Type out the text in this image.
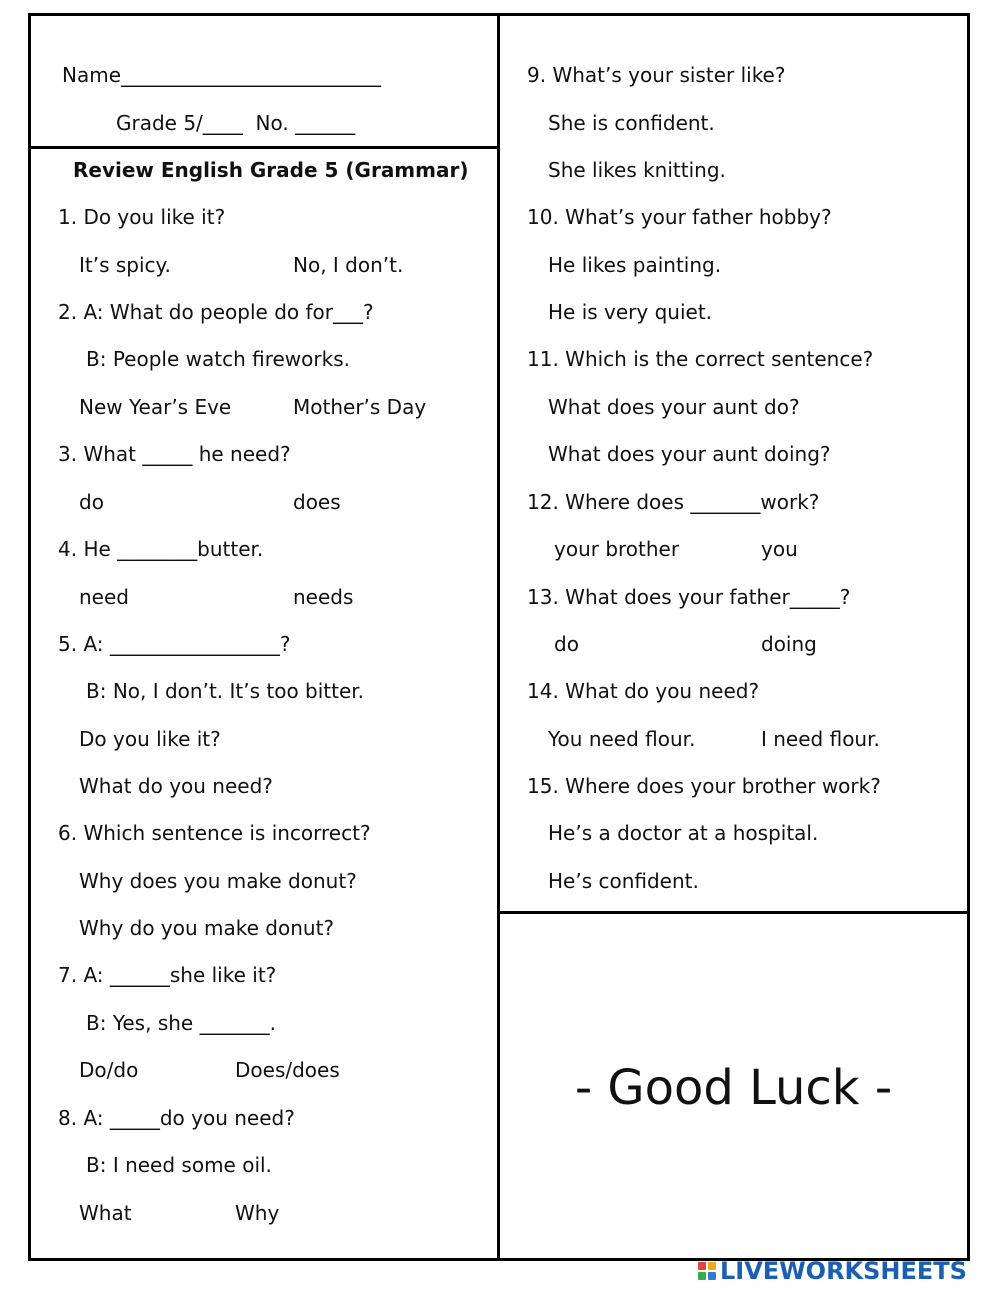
Name__________________________
Grade 5/____  No. ______
Review English Grade 5 (Grammar)
1. Do you like it?
It’s spicy.	No, I don’t.
2. A: What do people do for___?
B: People watch fireworks.
New Year’s Eve	Mother’s Day
3. What _____ he need?
do	does
4. He ________butter.
need	needs
5. A: _________________?
B: No, I don’t. It’s too bitter.
Do you like it?
What do you need?
6. Which sentence is incorrect?
Why does you make donut?
Why do you make donut?
7. A: ______she like it?
B: Yes, she _______.
Do/do	Does/does
8. A: _____do you need?
B: I need some oil.
What	Why
9. What’s your sister like?
She is confident.
She likes knitting.
10. What’s your father hobby?
He likes painting.
He is very quiet.
11. Which is the correct sentence?
What does your aunt do?
What does your aunt doing?
12. Where does _______work?
your brother	you
13. What does your father_____?
do	doing
14. What do you need?
You need flour.	I need flour.
15. Where does your brother work?
He’s a doctor at a hospital.
He’s confident.
- Good Luck -
LIVEWORKSHEETS
